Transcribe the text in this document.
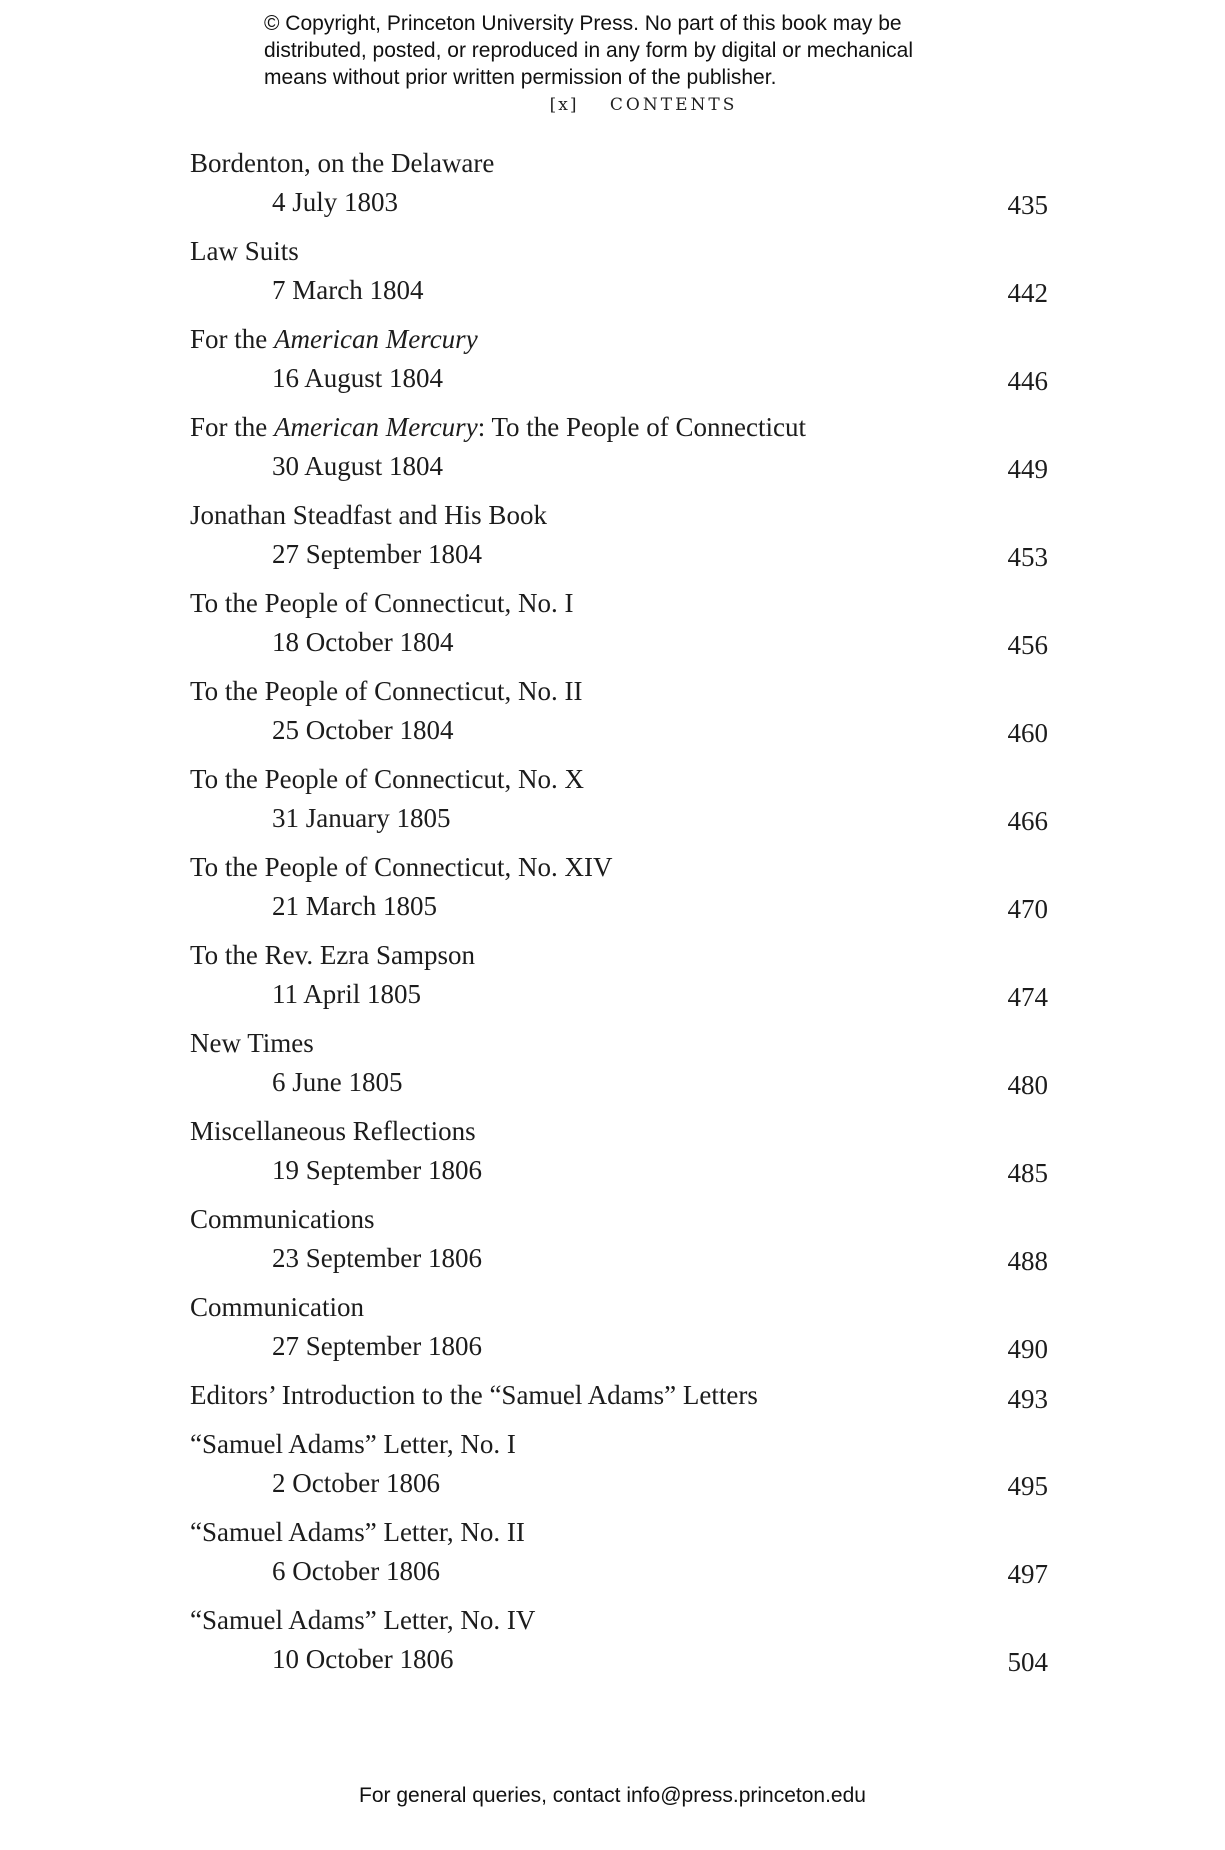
© Copyright, Princeton University Press. No part of this book may be
distributed, posted, or reproduced in any form by digital or mechanical
means without prior written permission of the publisher.
[x] CONTENTS
Bordenton, on the Delaware
4 July 1803	435
Law Suits
7 March 1804	442
For the American Mercury
16 August 1804	446
For the American Mercury: To the People of Connecticut
30 August 1804	449
Jonathan Steadfast and His Book
27 September 1804	453
To the People of Connecticut, No. I
18 October 1804	456
To the People of Connecticut, No. II
25 October 1804	460
To the People of Connecticut, No. X
31 January 1805	466
To the People of Connecticut, No. XIV
21 March 1805	470
To the Rev. Ezra Sampson
11 April 1805	474
New Times
6 June 1805	480
Miscellaneous Reflections
19 September 1806	485
Communications
23 September 1806	488
Communication
27 September 1806	490
Editors’ Introduction to the “Samuel Adams” Letters	493
“Samuel Adams” Letter, No. I
2 October 1806	495
“Samuel Adams” Letter, No. II
6 October 1806	497
“Samuel Adams” Letter, No. IV
10 October 1806	504
For general queries, contact info@press.princeton.edu
